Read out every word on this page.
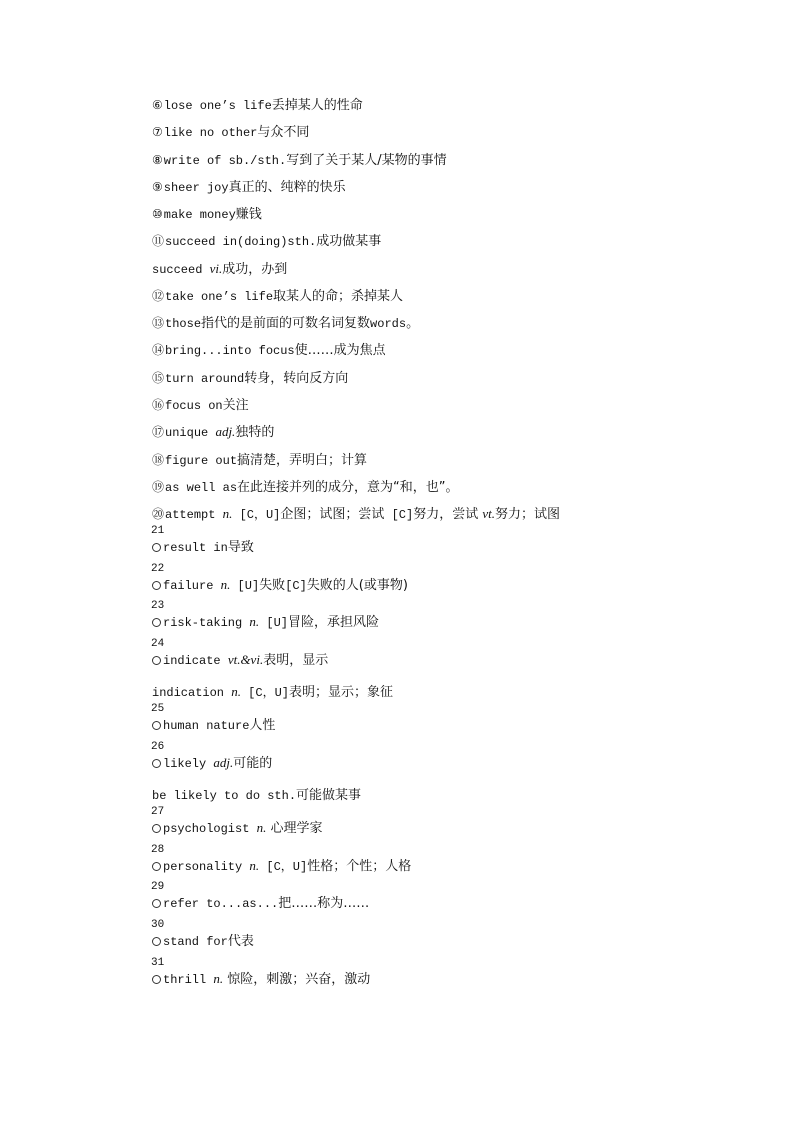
⑥lose one’s life丢掉某人的性命
⑦like no other与众不同
⑧write of sb./sth.写到了关于某人/某物的事情
⑨sheer joy真正的、纯粹的快乐
⑩make money赚钱
⑪succeed in(doing)sth.成功做某事
succeed vi.成功，办到
⑫take one’s life取某人的命；杀掉某人
⑬those指代的是前面的可数名词复数words。
⑭bring...into focus使……成为焦点
⑮turn around转身，转向反方向
⑯focus on关注
⑰unique adj.独特的
⑱figure out搞清楚，弄明白；计算
⑲as well as在此连接并列的成分，意为“和，也”。
⑳attempt n. [C，U]企图；试图；尝试 [C]努力，尝试 vt.努力；试图
21
result in导致
22
failure n. [U]失败[C]失败的人(或事物)
23
risk-taking n. [U]冒险，承担风险
24
indicate vt.&vi.表明，显示
indication n. [C，U]表明；显示；象征
25
human nature人性
26
likely adj.可能的
be likely to do sth.可能做某事
27
psychologist n. 心理学家
28
personality n. [C，U]性格；个性；人格
29
refer to...as...把……称为……
30
stand for代表
31
thrill n. 惊险，刺激；兴奋，激动
